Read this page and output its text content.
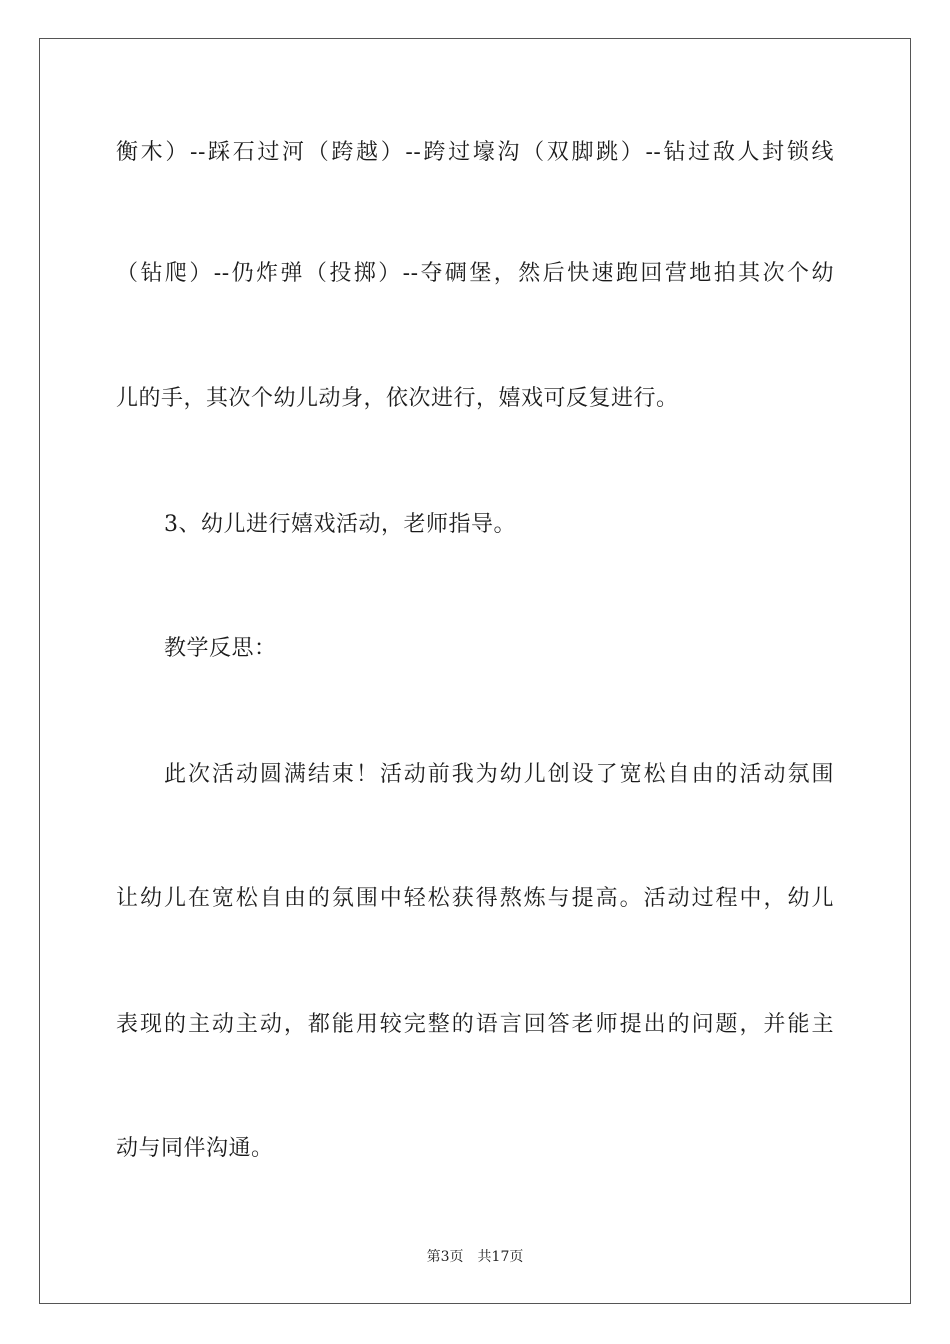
衡木）--踩石过河（跨越）--跨过壕沟（双脚跳）--钻过敌人封锁线
（钻爬）--仍炸弹（投掷）--夺碉堡，然后快速跑回营地拍其次个幼
儿的手，其次个幼儿动身，依次进行，嬉戏可反复进行。
3、幼儿进行嬉戏活动，老师指导。
教学反思：
此次活动圆满结束！活动前我为幼儿创设了宽松自由的活动氛围
让幼儿在宽松自由的氛围中轻松获得熬炼与提高。活动过程中，幼儿
表现的主动主动，都能用较完整的语言回答老师提出的问题，并能主
动与同伴沟通。
第3页 共17页
